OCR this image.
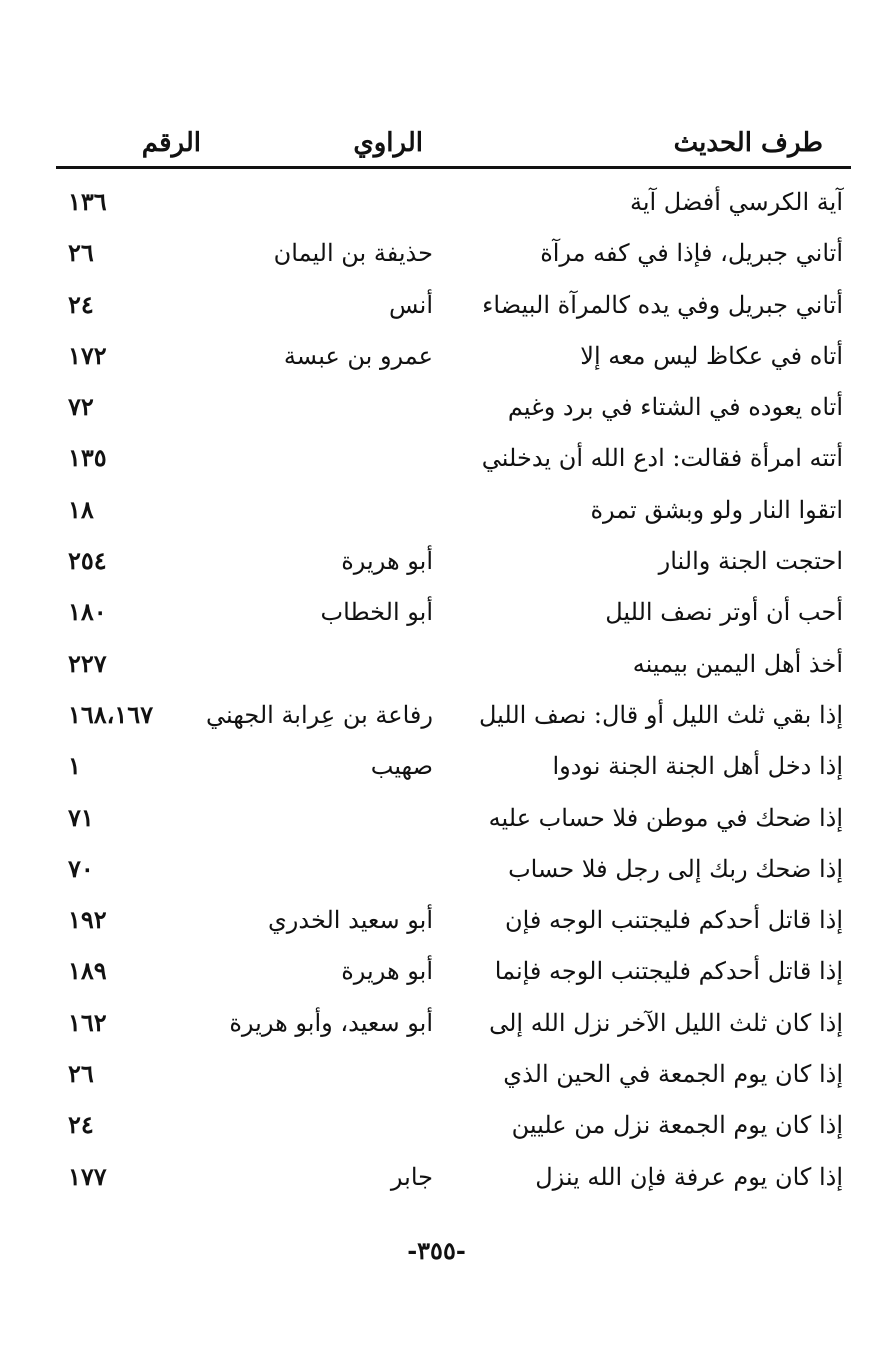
طرف الحديث
الراوي
الرقم
آية الكرسي أفضل آية
١٣٦
أتاني جبريل، فإذا في كفه مرآة
حذيفة بن اليمان
٢٦
أتاني جبريل وفي يده كالمرآة البيضاء
أنس
٢٤
أتاه في عكاظ ليس معه إلا
عمرو بن عبسة
١٧٢
أتاه يعوده في الشتاء في برد وغيم
٧٢
أتته امرأة فقالت: ادع الله أن يدخلني
١٣٥
اتقوا النار ولو وبشق تمرة
١٨
احتجت الجنة والنار
أبو هريرة
٢٥٤
أحب أن أوتر نصف الليل
أبو الخطاب
١٨٠
أخذ أهل اليمين بيمينه
٢٢٧
إذا بقي ثلث الليل أو قال: نصف الليل
رفاعة بن عِرابة الجهني
١٦٨،١٦٧
إذا دخل أهل الجنة الجنة نودوا
صهيب
١
إذا ضحك في موطن فلا حساب عليه
٧١
إذا ضحك ربك إلى رجل فلا حساب
٧٠
إذا قاتل أحدكم فليجتنب الوجه فإن
أبو سعيد الخدري
١٩٢
إذا قاتل أحدكم فليجتنب الوجه فإنما
أبو هريرة
١٨٩
إذا كان ثلث الليل الآخر نزل الله إلى
أبو سعيد، وأبو هريرة
١٦٢
إذا كان يوم الجمعة في الحين الذي
٢٦
إذا كان يوم الجمعة نزل من عليين
٢٤
إذا كان يوم عرفة فإن الله ينزل
جابر
١٧٧
-٣٥٥-
